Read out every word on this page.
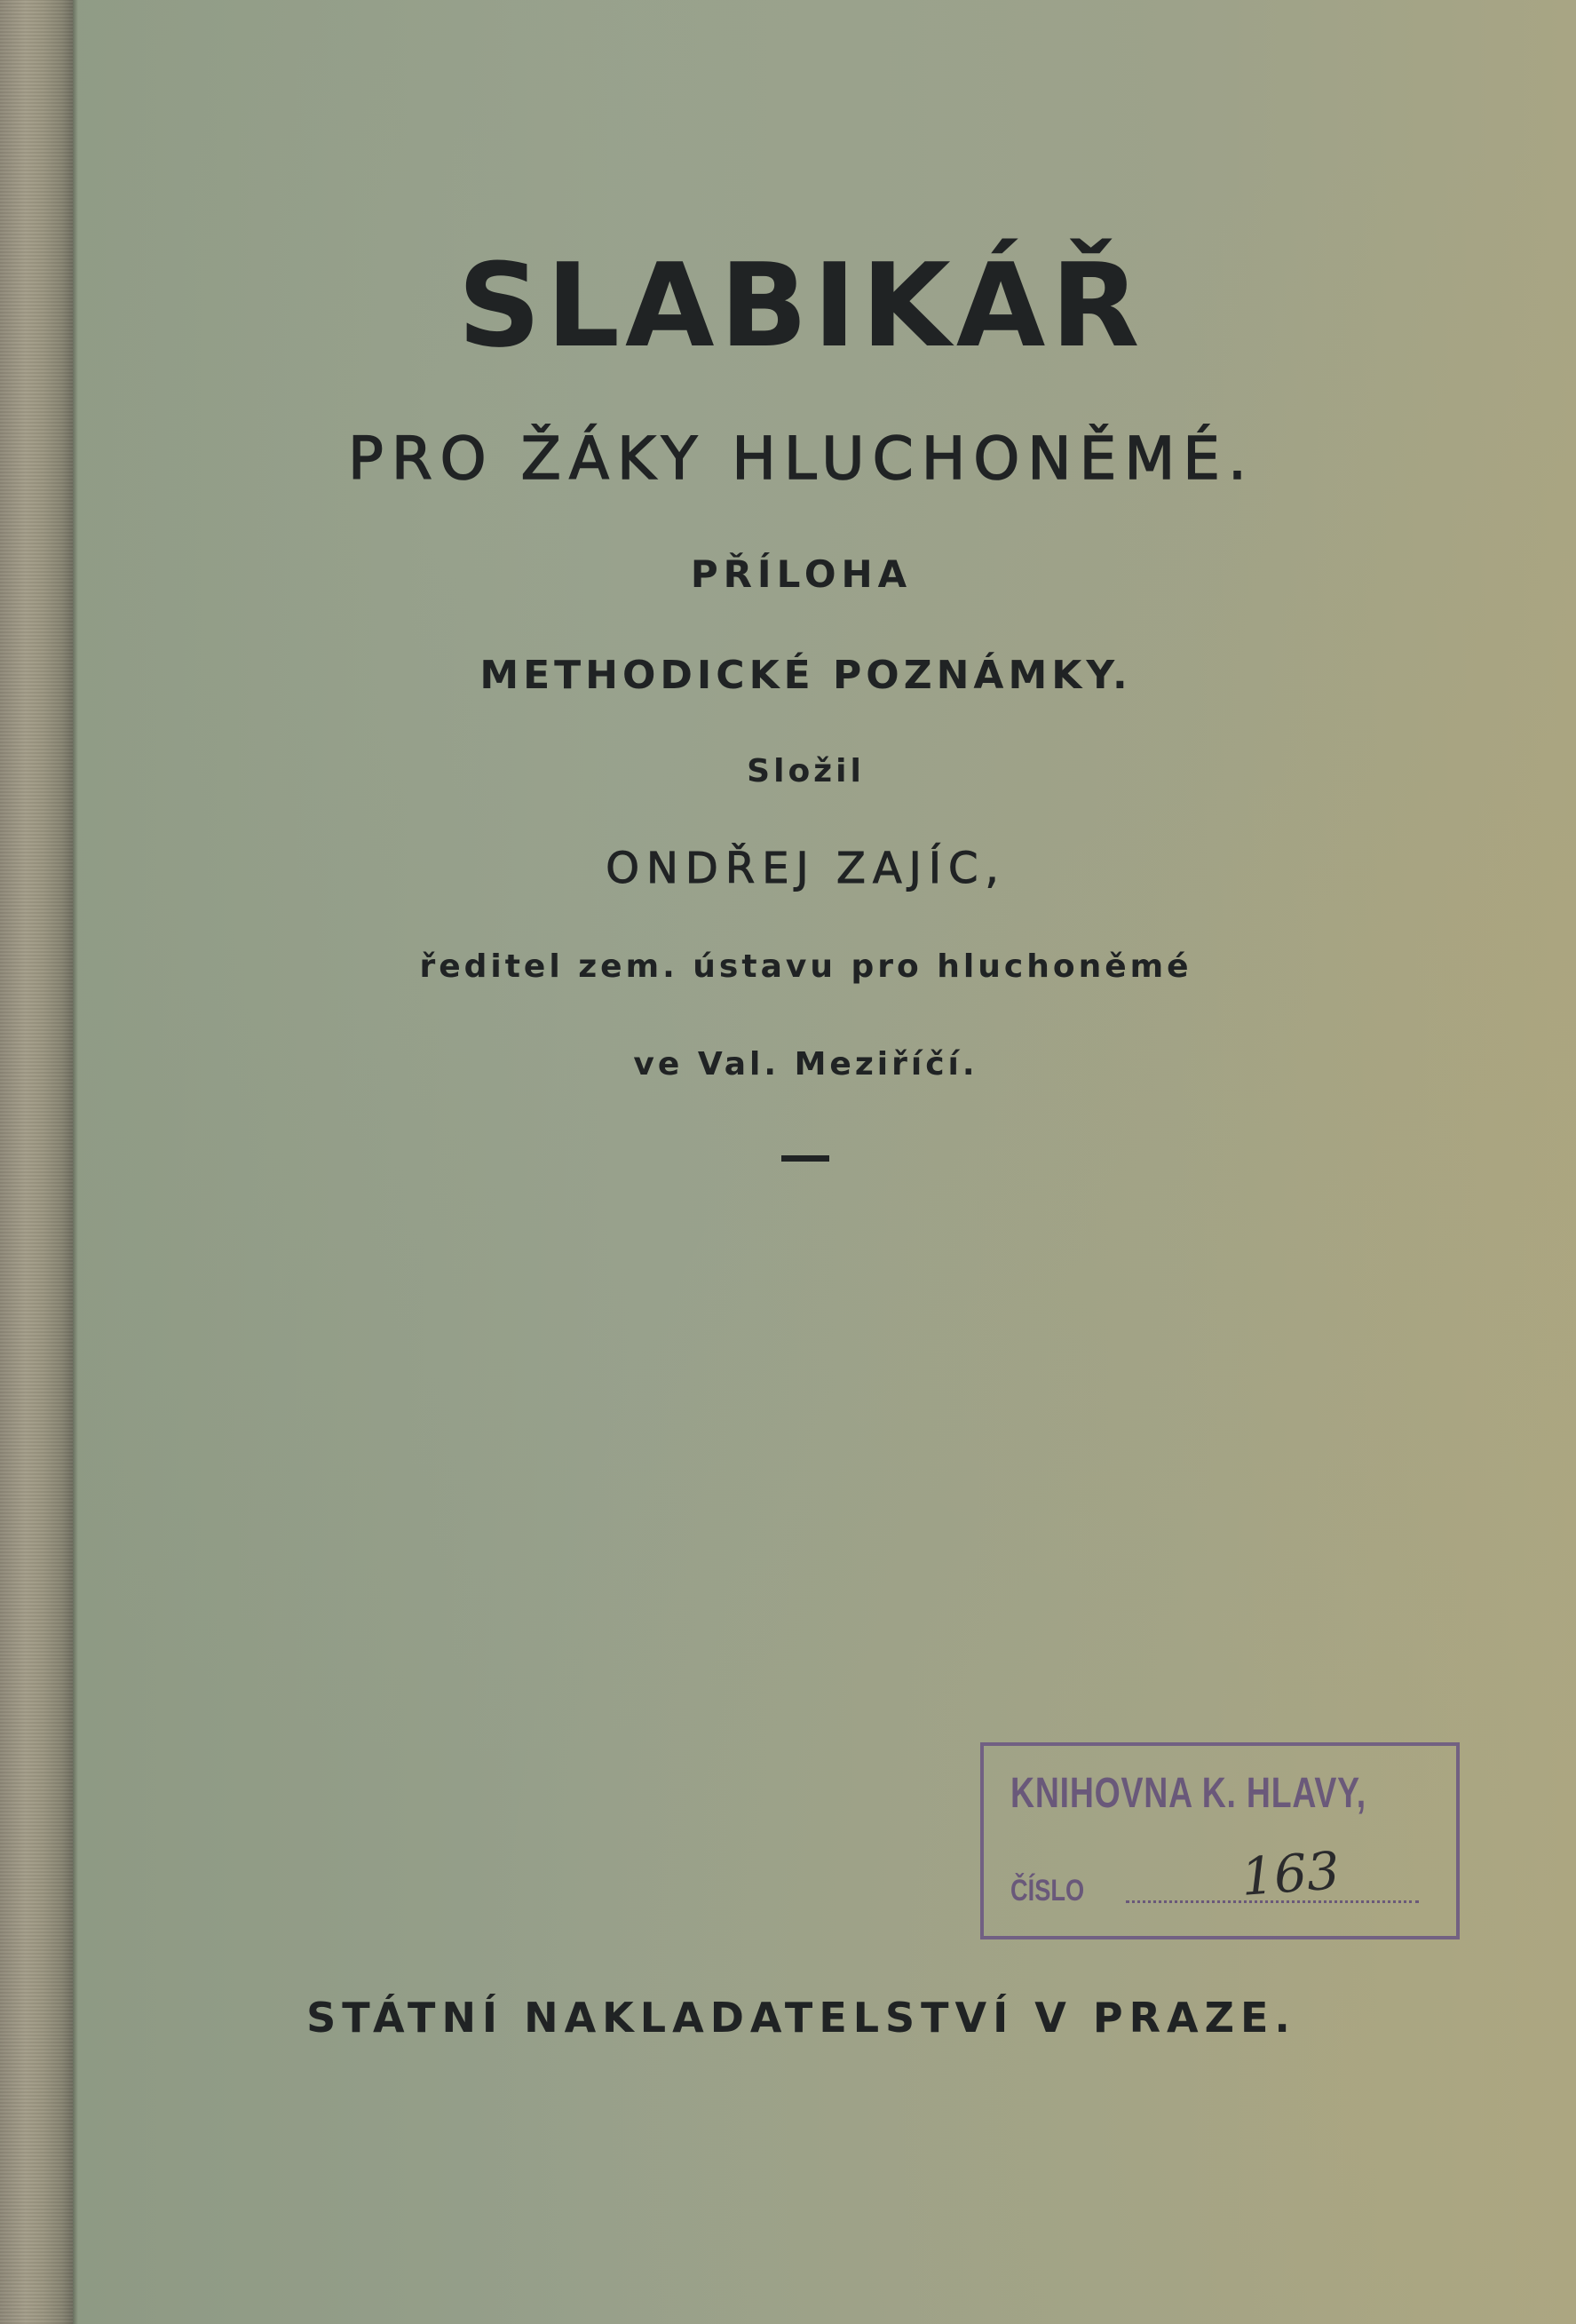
SLABIKÁŘ
PRO ŽÁKY HLUCHONĚMÉ.
PŘÍLOHA
METHODICKÉ POZNÁMKY.
Složil
ONDŘEJ ZAJÍC,
ředitel zem. ústavu pro hluchoněmé
ve Val. Meziříčí.
KNIHOVNA K. HLAVY,
ČÍSLO	163
STÁTNÍ NAKLADATELSTVÍ V PRAZE.
